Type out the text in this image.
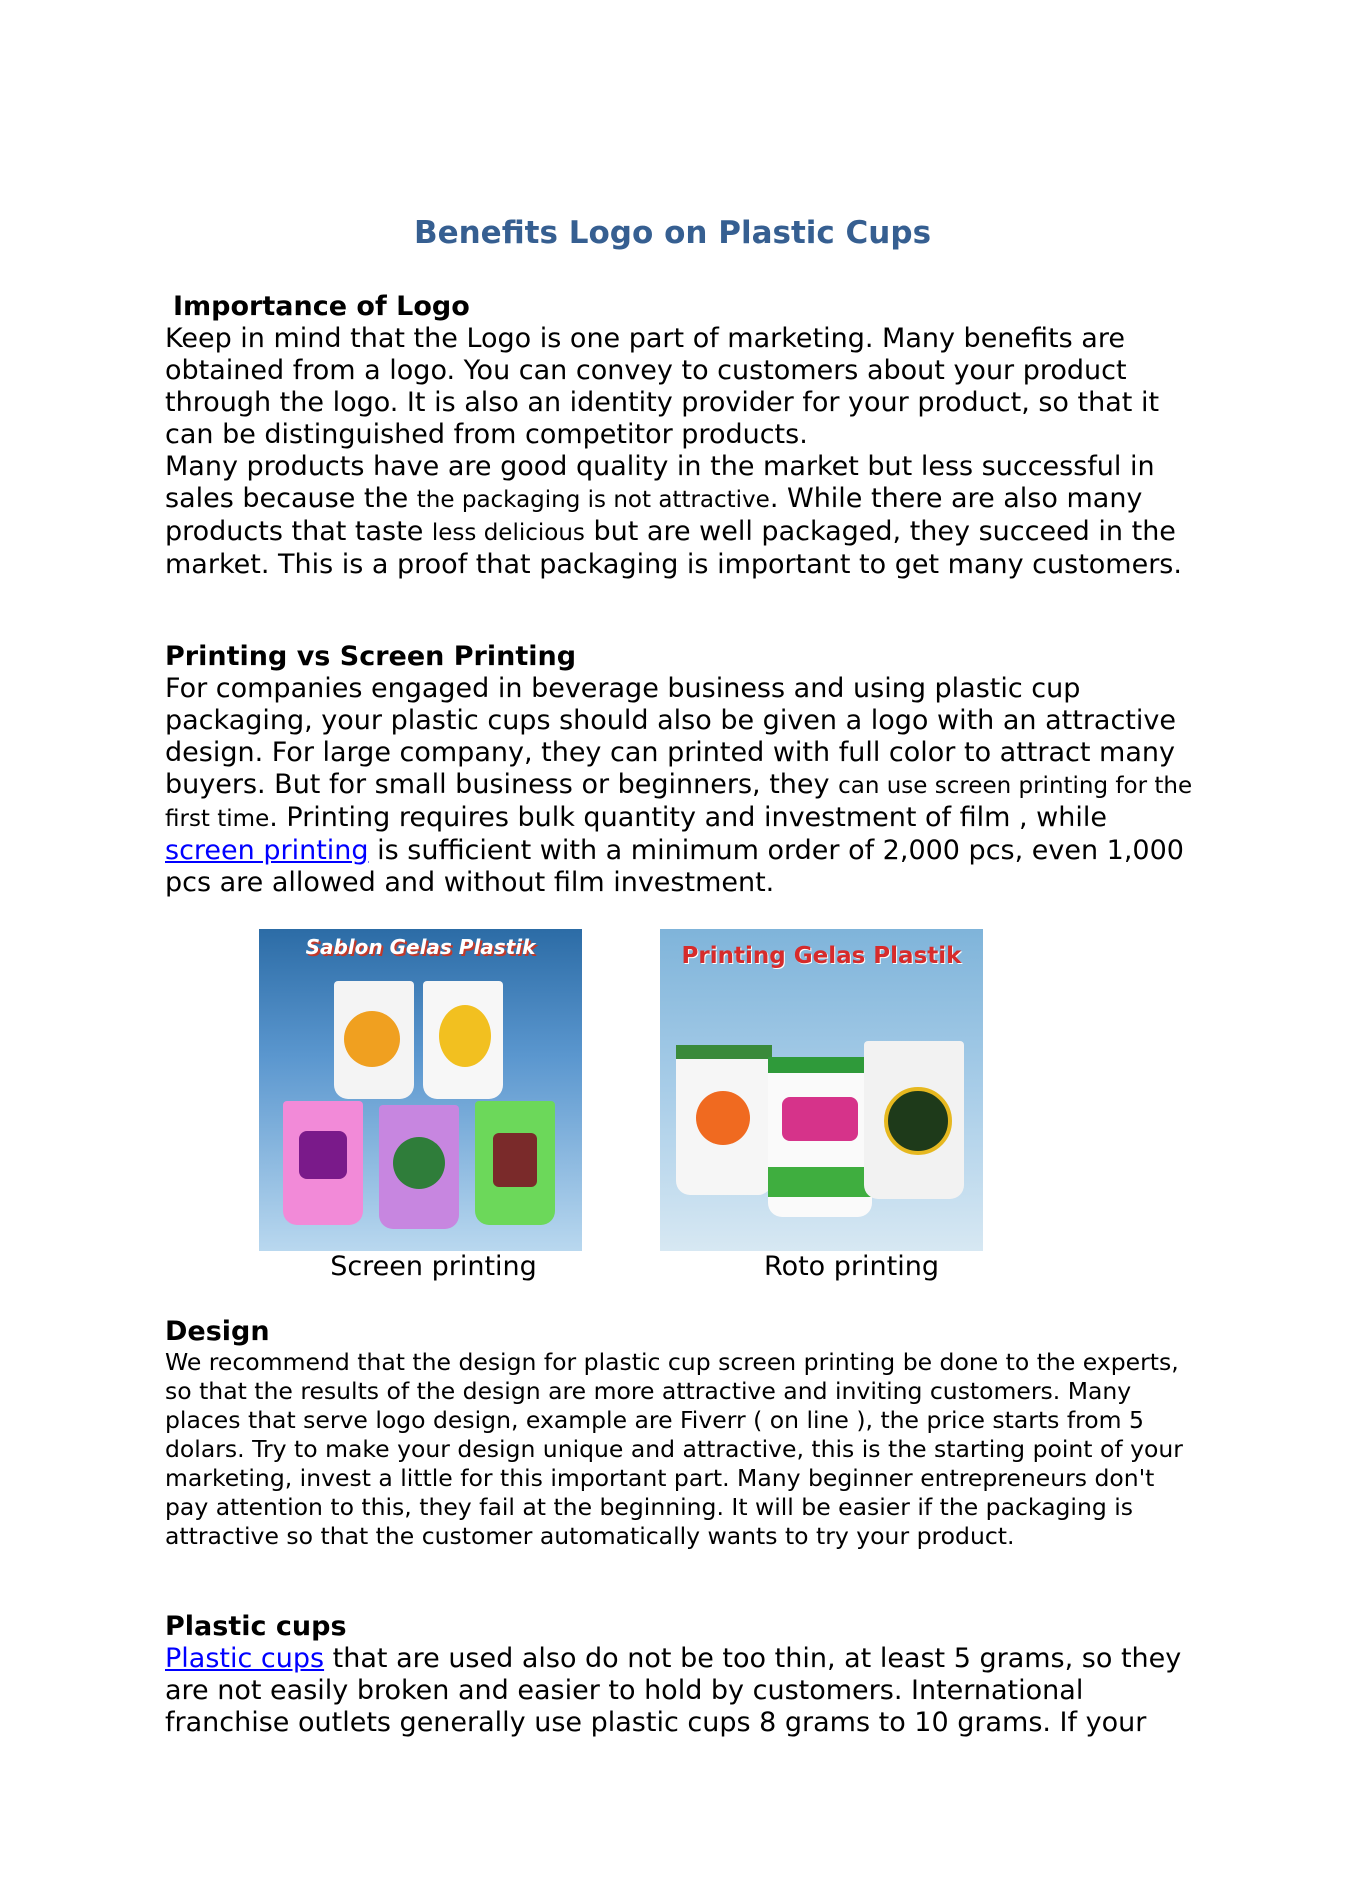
Benefits Logo on Plastic Cups

Importance of Logo

Keep in mind that the Logo is one part of marketing. Many benefits are obtained from a logo. You can convey to customers about your product through the logo. It is also an identity provider for your product, so that it can be distinguished from competitor products.

Many products have are good quality in the market but less successful in sales because the the packaging is not attractive. While there are also many products that taste less delicious but are well packaged, they succeed in the market. This is a proof that packaging is important to get many customers.

Printing vs Screen Printing

For companies engaged in beverage business and using plastic cup packaging, your plastic cups should also be given a logo with an attractive design. For large company, they can printed with full color to attract many buyers. But for small business or beginners, they can use screen printing for the first time. Printing requires bulk quantity and investment of film , while screen printing is sufficient with a minimum order of 2,000 pcs, even 1,000 pcs are allowed and without film investment.

Sablon Gelas Plastik
Screen printing
Printing Gelas Plastik
Roto printing

Design

We recommend that the design for plastic cup screen printing be done to the experts, so that the results of the design are more attractive and inviting customers. Many places that serve logo design, example are Fiverr ( on line ), the price starts from 5 dolars. Try to make your design unique and attractive, this is the starting point of your marketing, invest a little for this important part. Many beginner entrepreneurs don't pay attention to this, they fail at the beginning. It will be easier if the packaging is attractive so that the customer automatically wants to try your product.

Plastic cups

Plastic cups that are used also do not be too thin, at least 5 grams, so they are not easily broken and easier to hold by customers. International franchise outlets generally use plastic cups 8 grams to 10 grams. If your
